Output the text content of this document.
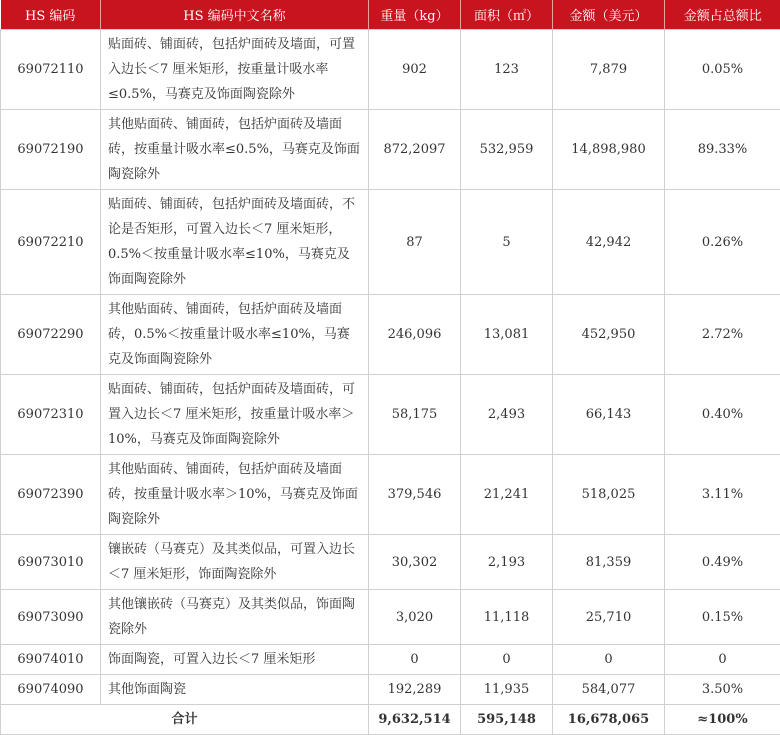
HS 编码	HS 编码中文名称	重量（kg）	面积（㎡）	金额（美元）	金额占总额比
69072110	贴面砖、铺面砖，包括炉面砖及墙面，可置入边长＜7 厘米矩形，按重量计吸水率≤0.5%，马赛克及饰面陶瓷除外	902	123	7,879	0.05%
69072190	其他贴面砖、铺面砖，包括炉面砖及墙面砖，按重量计吸水率≤0.5%，马赛克及饰面陶瓷除外	872,2097	532,959	14,898,980	89.33%
69072210	贴面砖、铺面砖，包括炉面砖及墙面砖，不论是否矩形，可置入边长＜7 厘米矩形，0.5%＜按重量计吸水率≤10%，马赛克及饰面陶瓷除外	87	5	42,942	0.26%
69072290	其他贴面砖、铺面砖，包括炉面砖及墙面砖，0.5%＜按重量计吸水率≤10%，马赛克及饰面陶瓷除外	246,096	13,081	452,950	2.72%
69072310	贴面砖、铺面砖，包括炉面砖及墙面砖，可置入边长＜7 厘米矩形，按重量计吸水率＞10%，马赛克及饰面陶瓷除外	58,175	2,493	66,143	0.40%
69072390	其他贴面砖、铺面砖，包括炉面砖及墙面砖，按重量计吸水率＞10%，马赛克及饰面陶瓷除外	379,546	21,241	518,025	3.11%
69073010	镶嵌砖（马赛克）及其类似品，可置入边长＜7 厘米矩形，饰面陶瓷除外	30,302	2,193	81,359	0.49%
69073090	其他镶嵌砖（马赛克）及其类似品，饰面陶瓷除外	3,020	11,118	25,710	0.15%
69074010	饰面陶瓷，可置入边长＜7 厘米矩形	0	0	0	0
69074090	其他饰面陶瓷	192,289	11,935	584,077	3.50%
合计		9,632,514	595,148	16,678,065	≈100%
